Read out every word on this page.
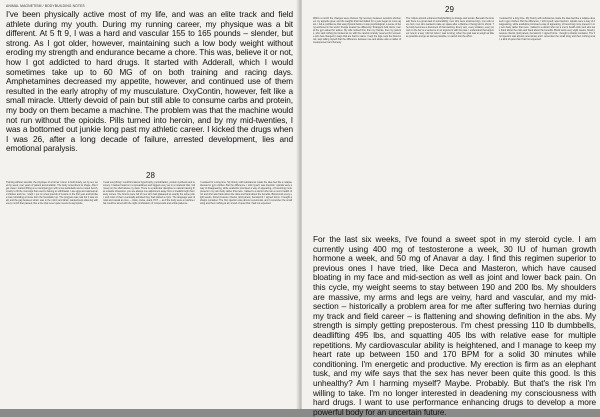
ANIMAL MAGNETISM / BODYBUILDING NOTES
I've been physically active most of my life, and was an elite track and field athlete during my youth. During my running career, my physique was a bit different. At 5 ft 9, I was a hard and vascular 155 to 165 pounds – slender, but strong. As I got older, however, maintaining such a low body weight without eroding my strength and endurance became a chore. This was, believe it or not, how I got addicted to hard drugs. It started with Adderall, which I would sometimes take up to 60 MG of on both training and racing days. Amphetamines decreased my appetite, however, and continued use of them resulted in the early atrophy of my musculature. OxyContin, however, felt like a small miracle. Utterly devoid of pain but still able to consume carbs and protein, my body on them became a machine. The problem was that the machine would not run without the opioids. Pills turned into heroin, and by my mid-twenties, I was a bottomed out junkie long past my athletic career. I kicked the drugs when I was 26, after a long decade of failure, arrested development, lies and emotional paralysis.
28
Training without steroids, the physique of a former runner is built slowly, set by set, week by week, over years of patient accumulation. The body remembers its shape. After I got clean I started lifting at a municipal gym with a few kettlebells and a rusted bench, mostly to fill the mornings that used to belong to withdrawal. I ate eggs and oatmeal and chicken and rice. I slept. I put on a few pounds of muscle in the first year and felt like a man rebuilding a house from the foundation up. The progress was real but it was small, and the gap between what I saw in the mirror and what I wanted kept widening with every month that passed, like a line that never quite meets its asymptote.
I read everything I could find about hypertrophy, periodization, protein synthesis and recovery. I tracked macros in a spreadsheet and logged every set in a notebook that I still keep on the shelf above my desk. There is a particular discipline to natural training that rewards obsession: you are always one adjustment away from a breakthrough that rarely comes. The forums were full of men who had plateaued at exactly the same point, and most of them eventually admitted they had started a cycle. The language was clinical and casual at once — blast, cruise, stack, PCT — as if the body were a machine that could be tuned with the right combination of compounds and a little patience.
I resisted for a long time. My history with substances made the idea feel like a relapse dressed in gym clothes. But the difference, I told myself, was intention: opioids were a way of disappearing, while anabolics promised a way of appearing, of becoming more present in my own body rather than less. I talked to a doctor who ran a men's health clinic and who was frank about the risks and frank about the benefits. Blood work every eight weeks, blood pressure checks, lipid panels, hematocrit. I signed forms. I bought a sharps container. The first injection was almost ceremonial, and I remember the small sting and then nothing at all, a kind of quiet that I had not expected.
29
Within a month the changes were obvious. My recovery between sessions shortened, my appetite grew, and the weights that had stalled for a year began to move again. I felt a confidence that was physical before it was psychological, a sense of being anchored in the world. People treated me differently. Strangers held doors; men at the gym asked for advice. My wife noticed first, then my friends, then my parents, who said nothing but looked at me with the careful curiosity reserved for someone who has changed in ways that are hard to name. I kept the logs, kept the blood work, kept telling myself that the difference between use and abuse was a matter of measurement and honesty.
The culture around enhanced bodybuilding is strange and tender. Beneath the bravado there is a great deal of vulnerability: men who were small as boys, men who were hurt, men who wanted to take up space after a lifetime of being told to shrink. The body becomes a document of that wanting. Every vein, every striation, every pound on the bar is a sentence in an argument with the past. I understand that argument now in a way I did not when I was running, when the goal was to weigh as little as possible and go as fast as possible, to vanish into the effort.
I resisted for a long time. My history with substances made the idea feel like a relapse dressed in gym clothes. But the difference, I told myself, was intention: opioids were a way of disappearing, while anabolics promised a way of appearing, of becoming more present in my own body rather than less. I talked to a doctor who ran a men's health clinic and who was frank about the risks and frank about the benefits. Blood work every eight weeks, blood pressure checks, lipid panels, hematocrit. I signed forms. I bought a sharps container. The first injection was almost ceremonial, and I remember the small sting and then nothing at all, a kind of quiet that I had not expected.
For the last six weeks, I've found a sweet spot in my steroid cycle. I am currently using 400 mg of testosterone a week, 30 IU of human growth hormone a week, and 50 mg of Anavar a day. I find this regimen superior to previous ones I have tried, like Deca and Masteron, which have caused bloating in my face and mid-section as well as joint and lower back pain. On this cycle, my weight seems to stay between 190 and 200 lbs. My shoulders are massive, my arms and legs are veiny, hard and vascular, and my mid-section – historically a problem area for me after suffering two hernias during my track and field career – is flattening and showing definition in the abs. My strength is simply getting preposterous. I'm chest pressing 110 lb dumbbells, deadlifting 495 lbs, and squatting 405 lbs with relative ease for multiple repetitions. My cardiovascular ability is heightened, and I manage to keep my heart rate up between 150 and 170 BPM for a solid 30 minutes while conditioning. I'm energetic and productive. My erection is firm as an elephant tusk, and my wife says that the sex has never been quite this good. Is this unhealthy? Am I harming myself? Maybe. Probably. But that's the risk I'm willing to take. I'm no longer interested in deadening my consciousness with hard drugs. I want to use performance enhancing drugs to develop a more powerful body for an uncertain future.
